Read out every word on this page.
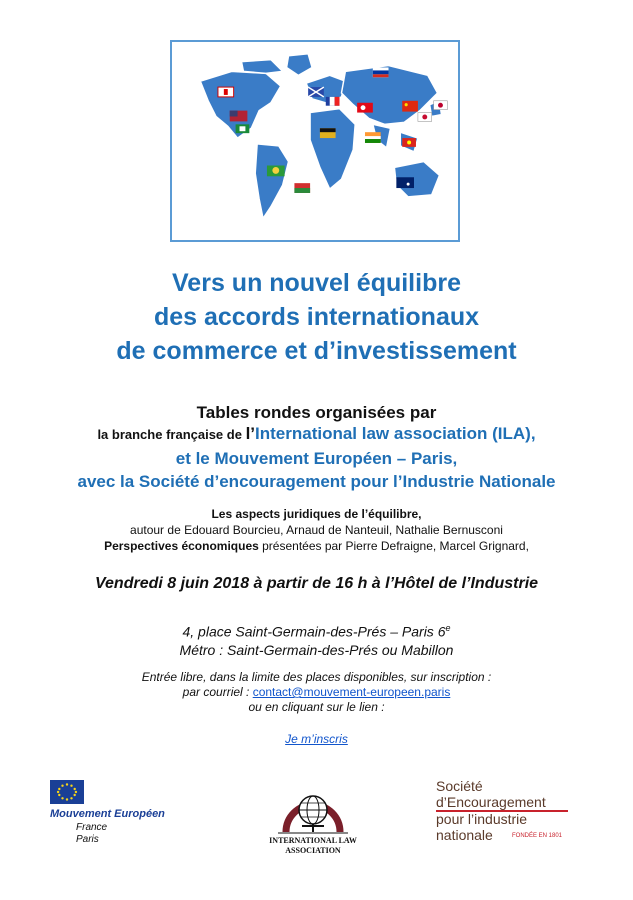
Vers un nouvel équilibre
des accords internationaux
de commerce et d’investissement
Tables rondes organisées par
la branche française de l’International law association (ILA),
et le Mouvement Européen – Paris,
avec la Société d’encouragement pour l’Industrie Nationale
Les aspects juridiques de l’équilibre,
autour de Edouard Bourcieu, Arnaud de Nanteuil, Nathalie Bernusconi
Perspectives économiques présentées par Pierre Defraigne, Marcel Grignard,
Vendredi 8 juin 2018 à partir de 16 h à l’Hôtel de l’Industrie
4, place Saint-Germain-des-Prés – Paris 6e
Métro : Saint-Germain-des-Prés ou Mabillon
Entrée libre, dans la limite des places disponibles, sur inscription :
par courriel : contact@mouvement-europeen.paris
ou en cliquant sur le lien :
Je m’inscris
Mouvement Européen
France
Paris	INTERNATIONAL LAW
ASSOCIATION
Société
d’Encouragement
pour l’industrie
nationale	FONDÉE EN 1801
